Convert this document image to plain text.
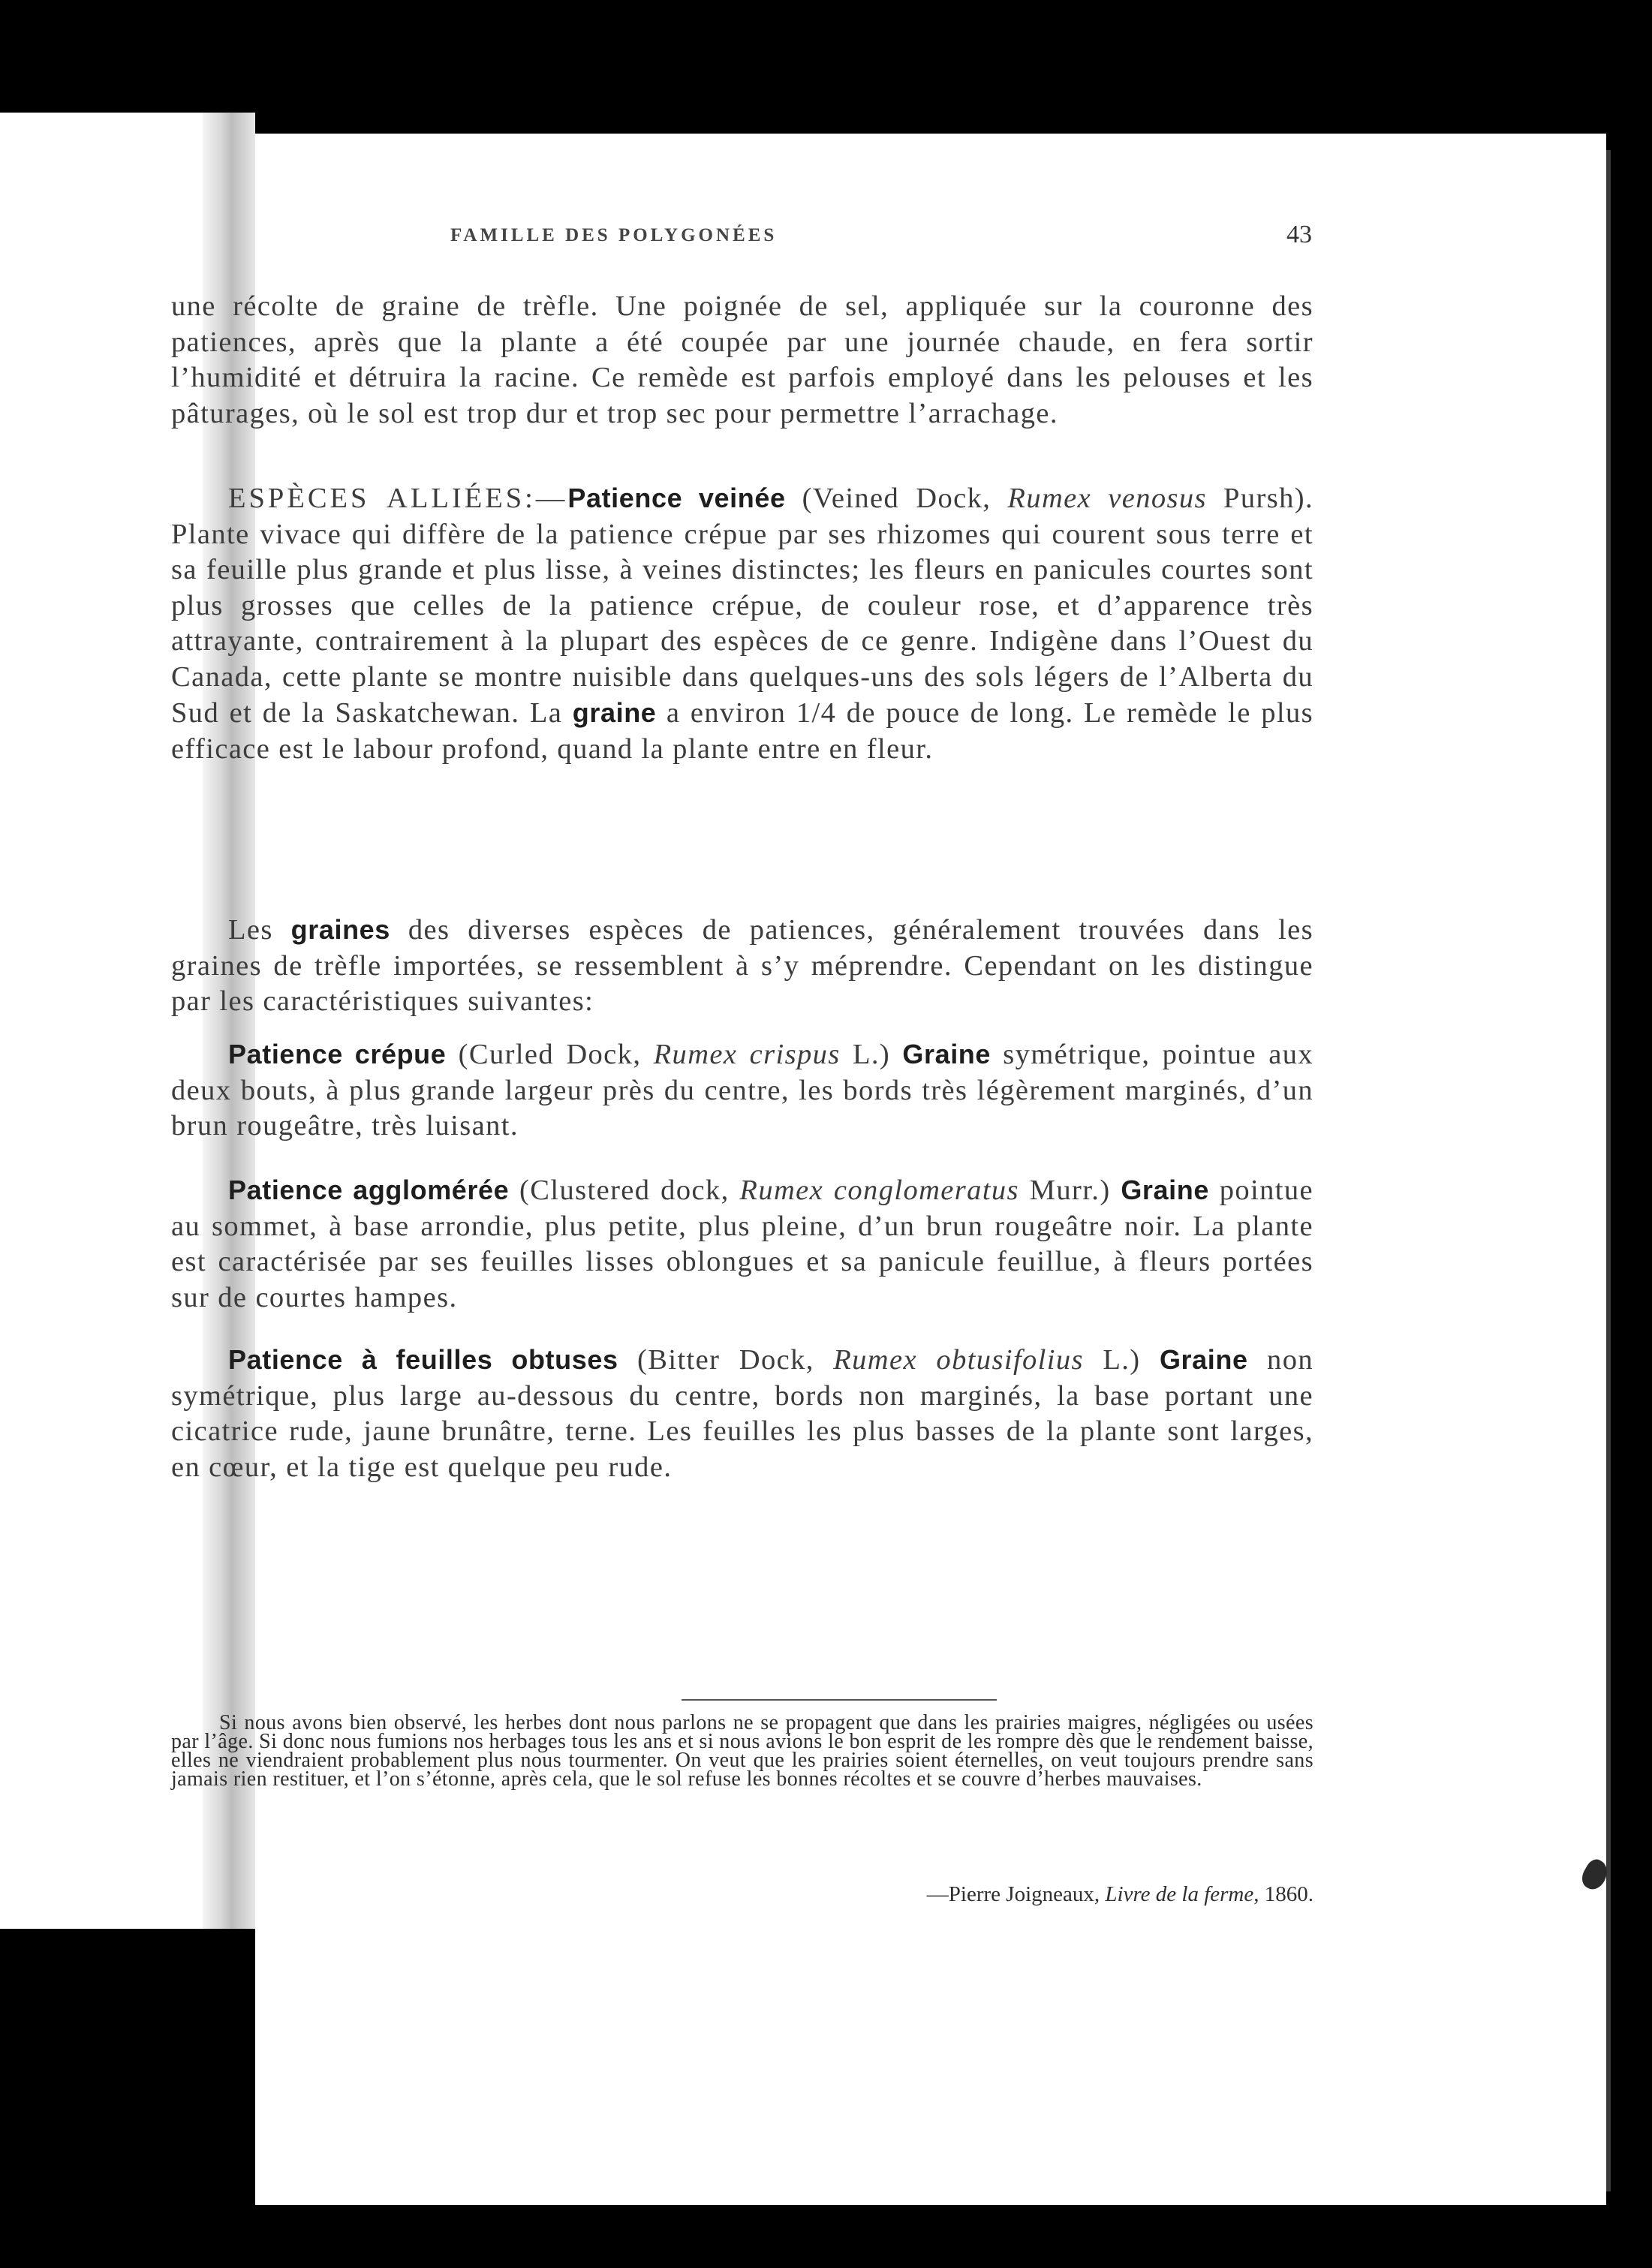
FAMILLE DES POLYGONÉES	43

une récolte de graine de trèfle. Une poignée de sel, appliquée sur la couronne des patiences, après que la plante a été coupée par une journée chaude, en fera sortir l’humidité et détruira la racine. Ce remède est parfois employé dans les pelouses et les pâturages, où le sol est trop dur et trop sec pour permettre l’arrachage.

ESPÈCES ALLIÉES:—Patience veinée (Veined Dock, Rumex venosus Pursh). Plante vivace qui diffère de la patience crépue par ses rhizomes qui courent sous terre et sa feuille plus grande et plus lisse, à veines distinctes; les fleurs en panicules courtes sont plus grosses que celles de la patience crépue, de couleur rose, et d’apparence très attrayante, contrairement à la plupart des espèces de ce genre. Indigène dans l’Ouest du Canada, cette plante se montre nuisible dans quelques-uns des sols légers de l’Alberta du Sud et de la Saskatchewan. La graine a environ 1/4 de pouce de long. Le remède le plus efficace est le labour profond, quand la plante entre en fleur.

Les graines des diverses espèces de patiences, généralement trouvées dans les graines de trèfle importées, se ressemblent à s’y méprendre. Cependant on les distingue par les caractéristiques suivantes:

Patience crépue (Curled Dock, Rumex crispus L.) Graine symétrique, pointue aux deux bouts, à plus grande largeur près du centre, les bords très légèrement marginés, d’un brun rougeâtre, très luisant.

Patience agglomérée (Clustered dock, Rumex conglomeratus Murr.) Graine pointue au sommet, à base arrondie, plus petite, plus pleine, d’un brun rougeâtre noir. La plante est caractérisée par ses feuilles lisses oblongues et sa panicule feuillue, à fleurs portées sur de courtes hampes.

Patience à feuilles obtuses (Bitter Dock, Rumex obtusifolius L.) Graine non symétrique, plus large au-dessous du centre, bords non marginés, la base portant une cicatrice rude, jaune brunâtre, terne. Les feuilles les plus basses de la plante sont larges, en cœur, et la tige est quelque peu rude.

Si nous avons bien observé, les herbes dont nous parlons ne se propagent que dans les prairies maigres, négligées ou usées par l’âge. Si donc nous fumions nos herbages tous les ans et si nous avions le bon esprit de les rompre dès que le rendement baisse, elles ne viendraient probablement plus nous tourmenter. On veut que les prairies soient éternelles, on veut toujours prendre sans jamais rien restituer, et l’on s’étonne, après cela, que le sol refuse les bonnes récoltes et se couvre d’herbes mauvaises.

—Pierre Joigneaux, Livre de la ferme, 1860.
